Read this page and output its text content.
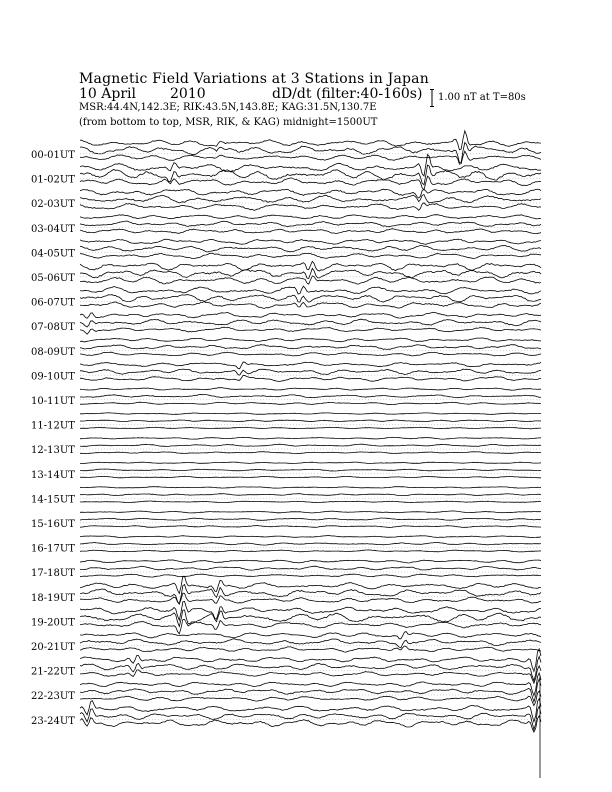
Magnetic Field Variations at 3 Stations in Japan
10 April 2010	dD/dt (filter:40-160s)
MSR:44.4N,142.3E; RIK:43.5N,143.8E; KAG:31.5N,130.7E
(from bottom to top, MSR, RIK, & KAG) midnight=1500UT
1.00 nT at T=80s
00-01UT
01-02UT
02-03UT
03-04UT
04-05UT
05-06UT
06-07UT
07-08UT
08-09UT
09-10UT
10-11UT
11-12UT
12-13UT
13-14UT
14-15UT
15-16UT
16-17UT
17-18UT
18-19UT
19-20UT
20-21UT
21-22UT
22-23UT
23-24UT
